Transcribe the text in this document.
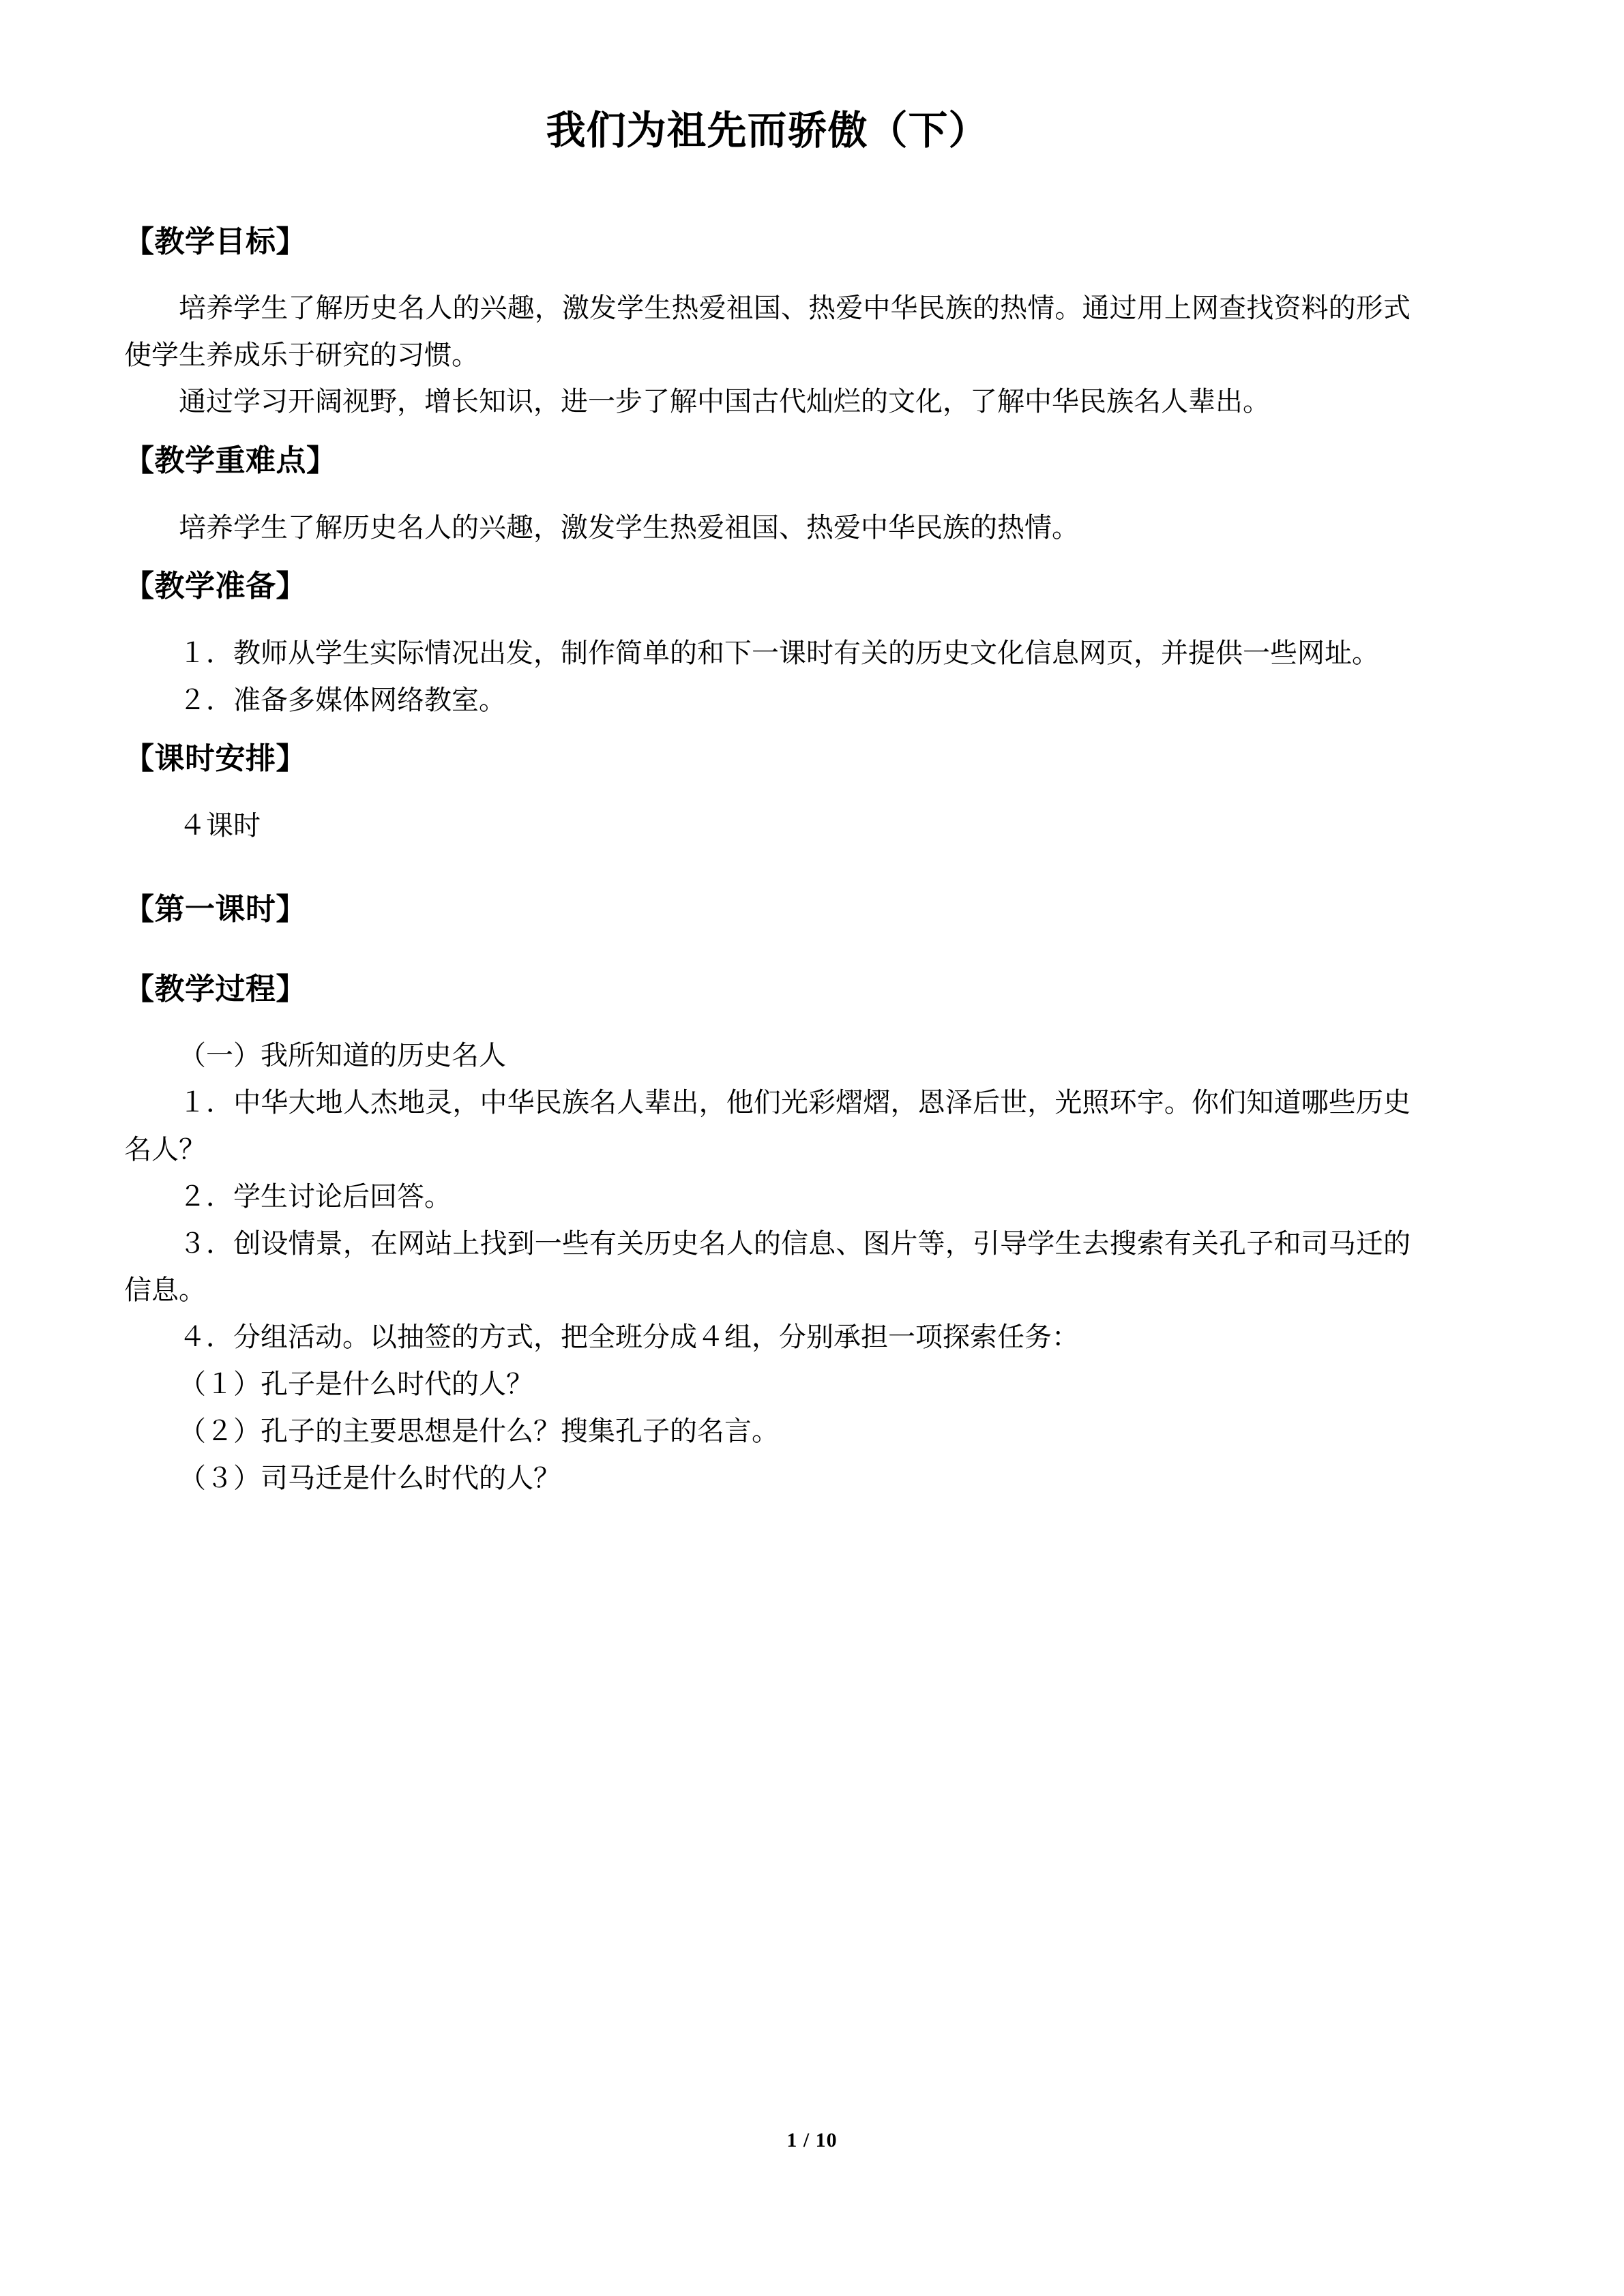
我们为祖先而骄傲（下）
【教学目标】

培养学生了解历史名人的兴趣，激发学生热爱祖国、热爱中华民族的热情。通过用上网查找资料的形式使学生养成乐于研究的习惯。

通过学习开阔视野，增长知识，进一步了解中国古代灿烂的文化，了解中华民族名人辈出。

【教学重难点】

培养学生了解历史名人的兴趣，激发学生热爱祖国、热爱中华民族的热情。

【教学准备】

１．教师从学生实际情况出发，制作简单的和下一课时有关的历史文化信息网页，并提供一些网址。

２．准备多媒体网络教室。

【课时安排】

４课时

【第一课时】
【教学过程】

（一）我所知道的历史名人

１．中华大地人杰地灵，中华民族名人辈出，他们光彩熠熠，恩泽后世，光照环宇。你们知道哪些历史名人？

２．学生讨论后回答。

３．创设情景，在网站上找到一些有关历史名人的信息、图片等，引导学生去搜索有关孔子和司马迁的信息。

４．分组活动。以抽签的方式，把全班分成４组，分别承担一项探索任务：

（１）孔子是什么时代的人？

（２）孔子的主要思想是什么？搜集孔子的名言。

（３）司马迁是什么时代的人？

1 / 10
